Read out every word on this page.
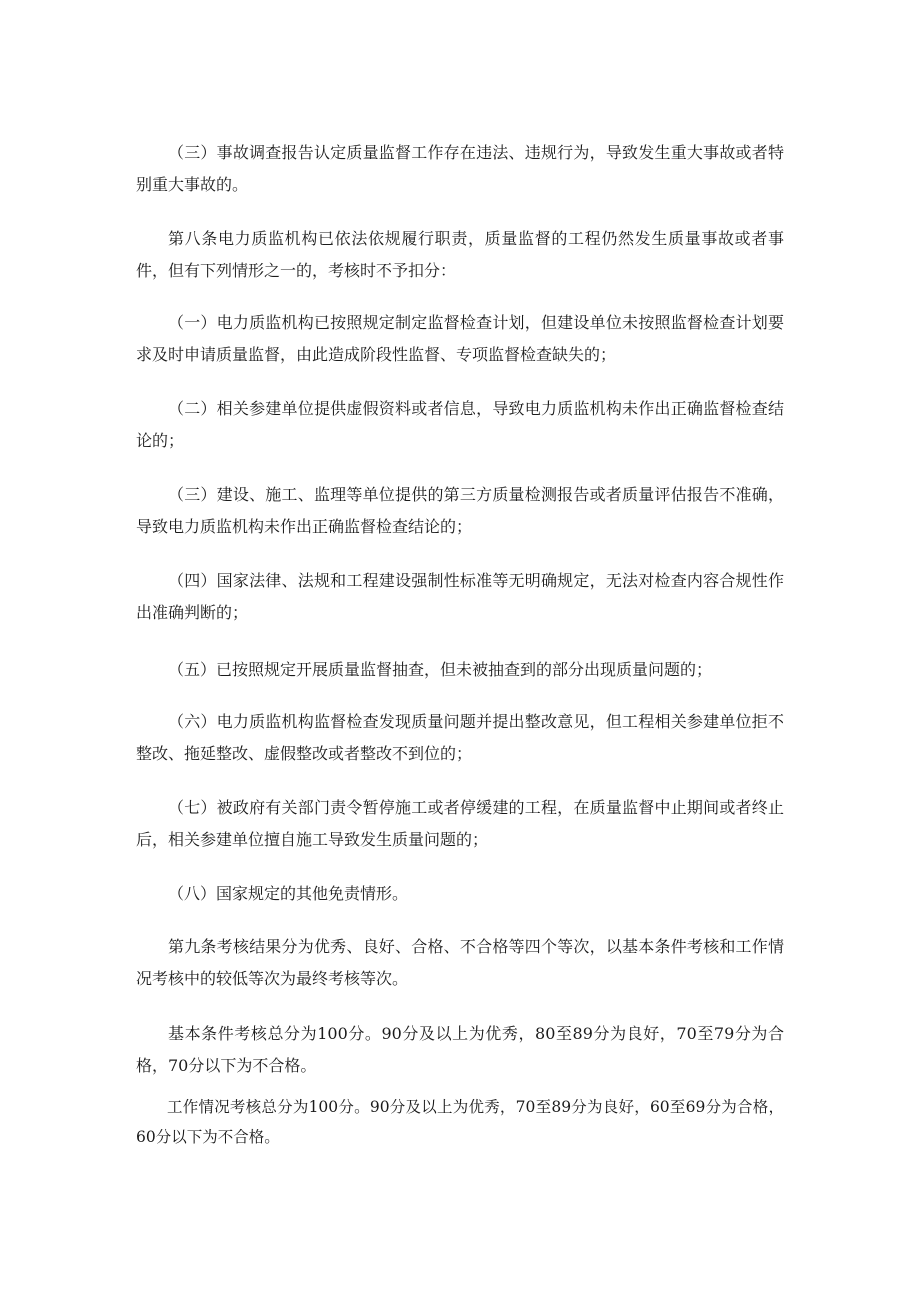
（三）事故调查报告认定质量监督工作存在违法、违规行为，导致发生重大事故或者特别重大事故的。

第八条电力质监机构已依法依规履行职责，质量监督的工程仍然发生质量事故或者事件，但有下列情形之一的，考核时不予扣分：

（一）电力质监机构已按照规定制定监督检查计划，但建设单位未按照监督检查计划要求及时申请质量监督，由此造成阶段性监督、专项监督检查缺失的；

（二）相关参建单位提供虚假资料或者信息，导致电力质监机构未作出正确监督检查结论的；

（三）建设、施工、监理等单位提供的第三方质量检测报告或者质量评估报告不准确，导致电力质监机构未作出正确监督检查结论的；

（四）国家法律、法规和工程建设强制性标准等无明确规定，无法对检查内容合规性作出准确判断的；

（五）已按照规定开展质量监督抽查，但未被抽查到的部分出现质量问题的；

（六）电力质监机构监督检查发现质量问题并提出整改意见，但工程相关参建单位拒不整改、拖延整改、虚假整改或者整改不到位的；

（七）被政府有关部门责令暂停施工或者停缓建的工程，在质量监督中止期间或者终止后，相关参建单位擅自施工导致发生质量问题的；

（八）国家规定的其他免责情形。

第九条考核结果分为优秀、良好、合格、不合格等四个等次，以基本条件考核和工作情况考核中的较低等次为最终考核等次。

基本条件考核总分为100分。90分及以上为优秀，80至89分为良好，70至79分为合格，70分以下为不合格。

工作情况考核总分为100分。90分及以上为优秀，70至89分为良好，60至69分为合格，60分以下为不合格。
